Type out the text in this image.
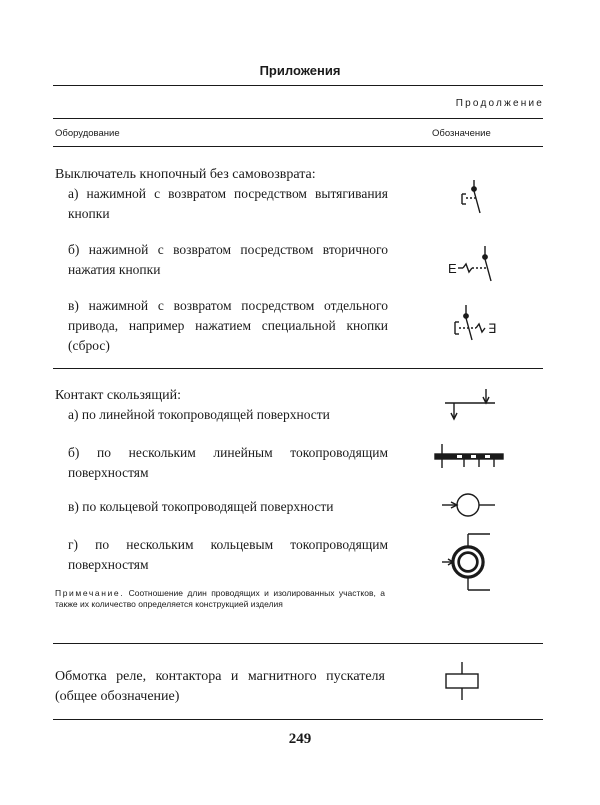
Приложения
Продолжение
Оборудование	Обозначение
Выключатель кнопочный без самовозврата:
а) нажимной с возвратом посредством вытягивания кнопки
б) нажимной с возвратом посредством вторичного нажатия кнопки	E
в) нажимной с возвратом посредством отдельного привода, например нажатием специальной кнопки (сброс)
∃
Контакт скользящий:
а) по линейной токопроводящей поверхности
б) по нескольким линейным токопроводящим поверхностям
в) по кольцевой токопроводящей поверхности
г) по нескольким кольцевым токопроводящим поверхностям
Примечание. Соотношение длин проводящих и изолированных участков, а также их количество определяется конструкцией изделия
Обмотка реле, контактора и магнитного пускателя (общее обозначение)
249
